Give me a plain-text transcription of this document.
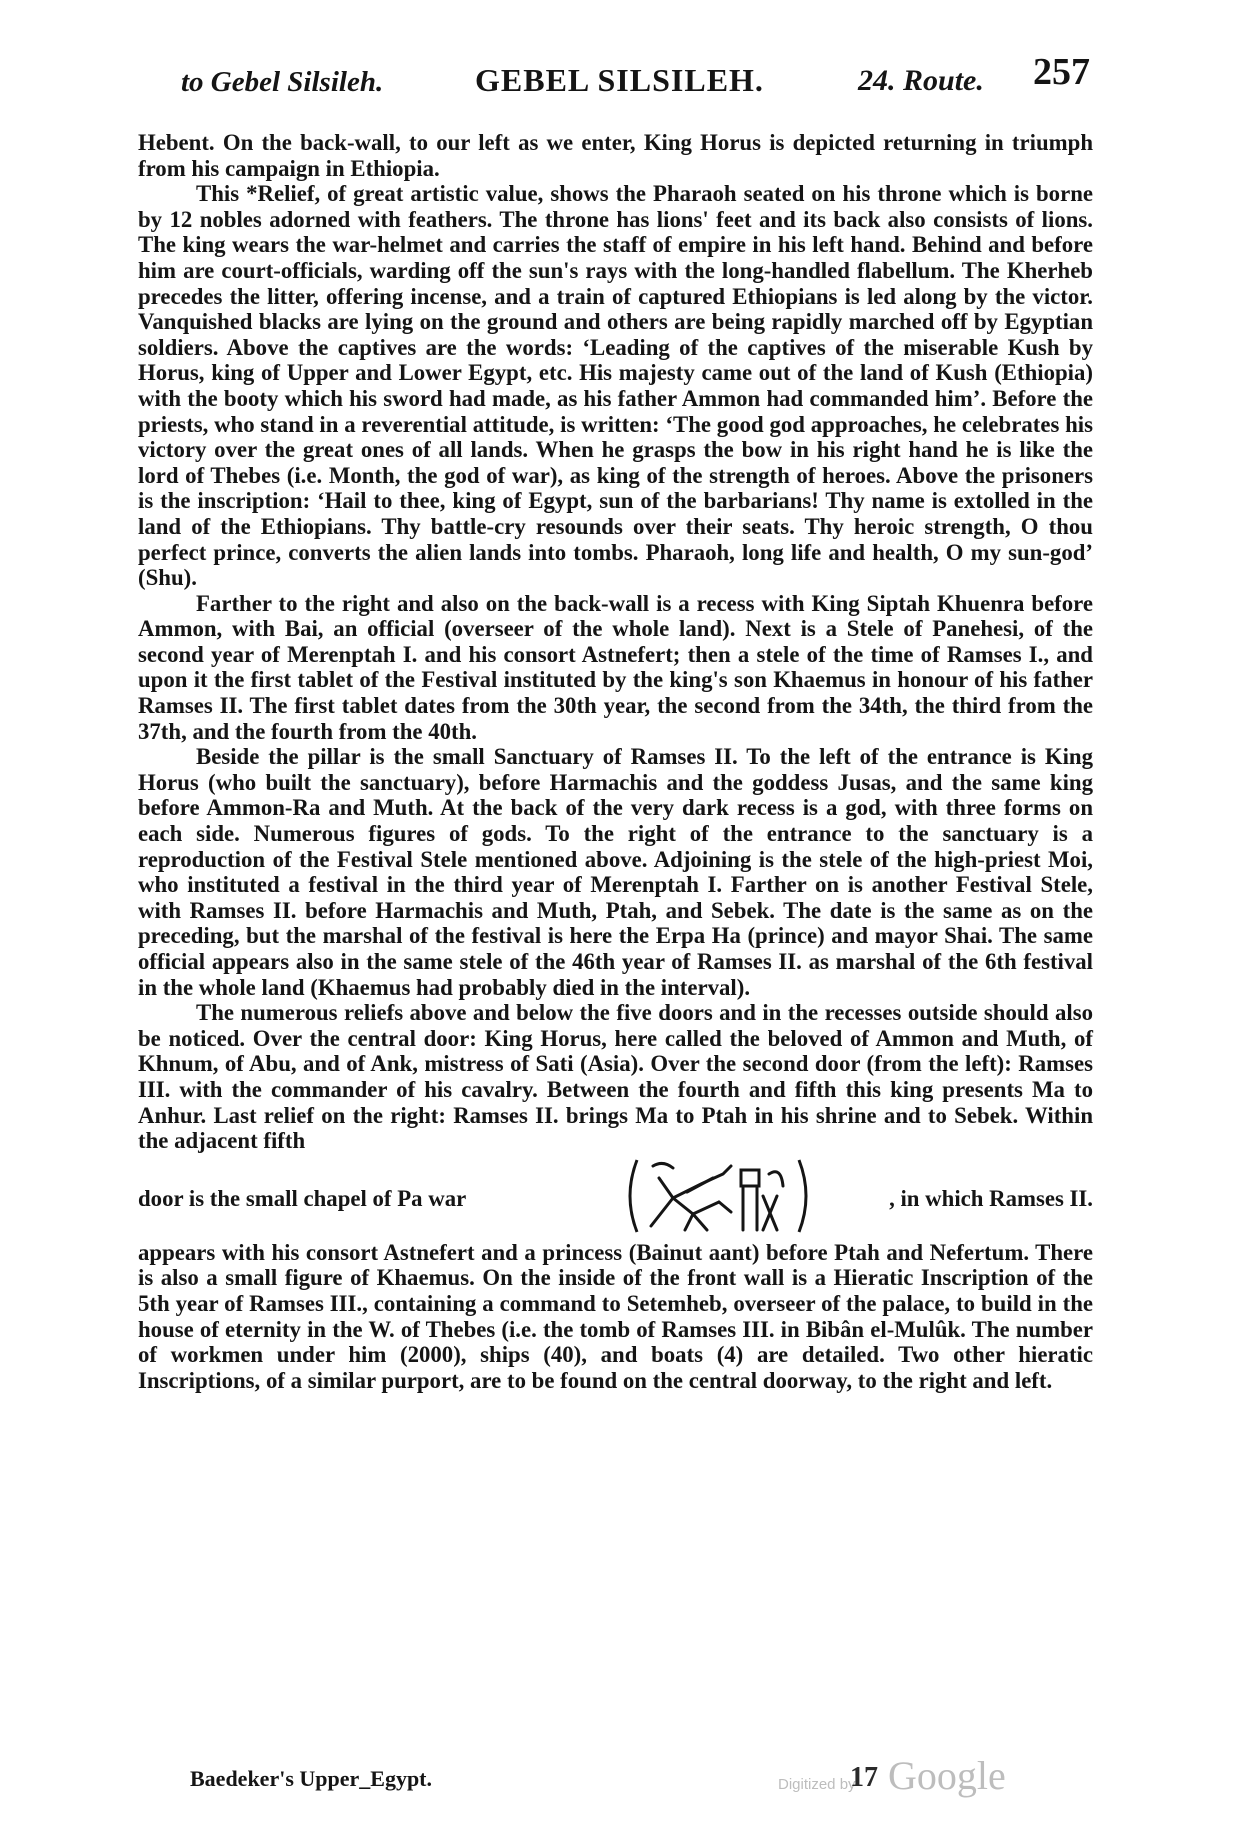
to Gebel Silsileh.	GEBEL SILSILEH.	24. Route. 257

Hebent. On the back-wall, to our left as we enter, King Horus is depicted returning in triumph from his campaign in Ethiopia.

This *Relief, of great artistic value, shows the Pharaoh seated on his throne which is borne by 12 nobles adorned with feathers. The throne has lions' feet and its back also consists of lions. The king wears the war-helmet and carries the staff of empire in his left hand. Behind and before him are court-officials, warding off the sun's rays with the long-handled flabellum. The Kherheb precedes the litter, offering incense, and a train of captured Ethiopians is led along by the victor. Vanquished blacks are lying on the ground and others are being rapidly marched off by Egyptian soldiers. Above the captives are the words: ‘Leading of the captives of the miserable Kush by Horus, king of Upper and Lower Egypt, etc. His majesty came out of the land of Kush (Ethiopia) with the booty which his sword had made, as his father Ammon had commanded him’. Before the priests, who stand in a reverential attitude, is written: ‘The good god approaches, he celebrates his victory over the great ones of all lands. When he grasps the bow in his right hand he is like the lord of Thebes (i.e. Month, the god of war), as king of the strength of heroes. Above the prisoners is the inscription: ‘Hail to thee, king of Egypt, sun of the barbarians! Thy name is extolled in the land of the Ethiopians. Thy battle-cry resounds over their seats. Thy heroic strength, O thou perfect prince, converts the alien lands into tombs. Pharaoh, long life and health, O my sun-god’ (Shu).

Farther to the right and also on the back-wall is a recess with King Siptah Khuenra before Ammon, with Bai, an official (overseer of the whole land). Next is a Stele of Panehesi, of the second year of Merenptah I. and his consort Astnefert; then a stele of the time of Ramses I., and upon it the first tablet of the Festival instituted by the king's son Khaemus in honour of his father Ramses II. The first tablet dates from the 30th year, the second from the 34th, the third from the 37th, and the fourth from the 40th.

Beside the pillar is the small Sanctuary of Ramses II. To the left of the entrance is King Horus (who built the sanctuary), before Harmachis and the goddess Jusas, and the same king before Ammon-Ra and Muth. At the back of the very dark recess is a god, with three forms on each side. Numerous figures of gods. To the right of the entrance to the sanctuary is a reproduction of the Festival Stele mentioned above. Adjoining is the stele of the high-priest Moi, who instituted a festival in the third year of Merenptah I. Farther on is another Festival Stele, with Ramses II. before Harmachis and Muth, Ptah, and Sebek. The date is the same as on the preceding, but the marshal of the festival is here the Erpa Ha (prince) and mayor Shai. The same official appears also in the same stele of the 46th year of Ramses II. as marshal of the 6th festival in the whole land (Khaemus had probably died in the interval).

The numerous reliefs above and below the five doors and in the recesses outside should also be noticed. Over the central door: King Horus, here called the beloved of Ammon and Muth, of Khnum, of Abu, and of Ank, mistress of Sati (Asia). Over the second door (from the left): Ramses III. with the commander of his cavalry. Between the fourth and fifth this king presents Ma to Anhur. Last relief on the right: Ramses II. brings Ma to Ptah in his shrine and to Sebek. Within the adjacent fifth

door is the small chapel of Pa war	, in which Ramses II.

appears with his consort Astnefert and a princess (Bainut aant) before Ptah and Nefertum. There is also a small figure of Khaemus. On the inside of the front wall is a Hieratic Inscription of the 5th year of Ramses III., containing a command to Setemheb, overseer of the palace, to build in the house of eternity in the W. of Thebes (i.e. the tomb of Ramses III. in Bibân el-Mulûk. The number of workmen under him (2000), ships (40), and boats (4) are detailed. Two other hieratic Inscriptions, of a similar purport, are to be found on the central doorway, to the right and left.

Baedeker's Upper_Egypt.	Digitized by Google
17
